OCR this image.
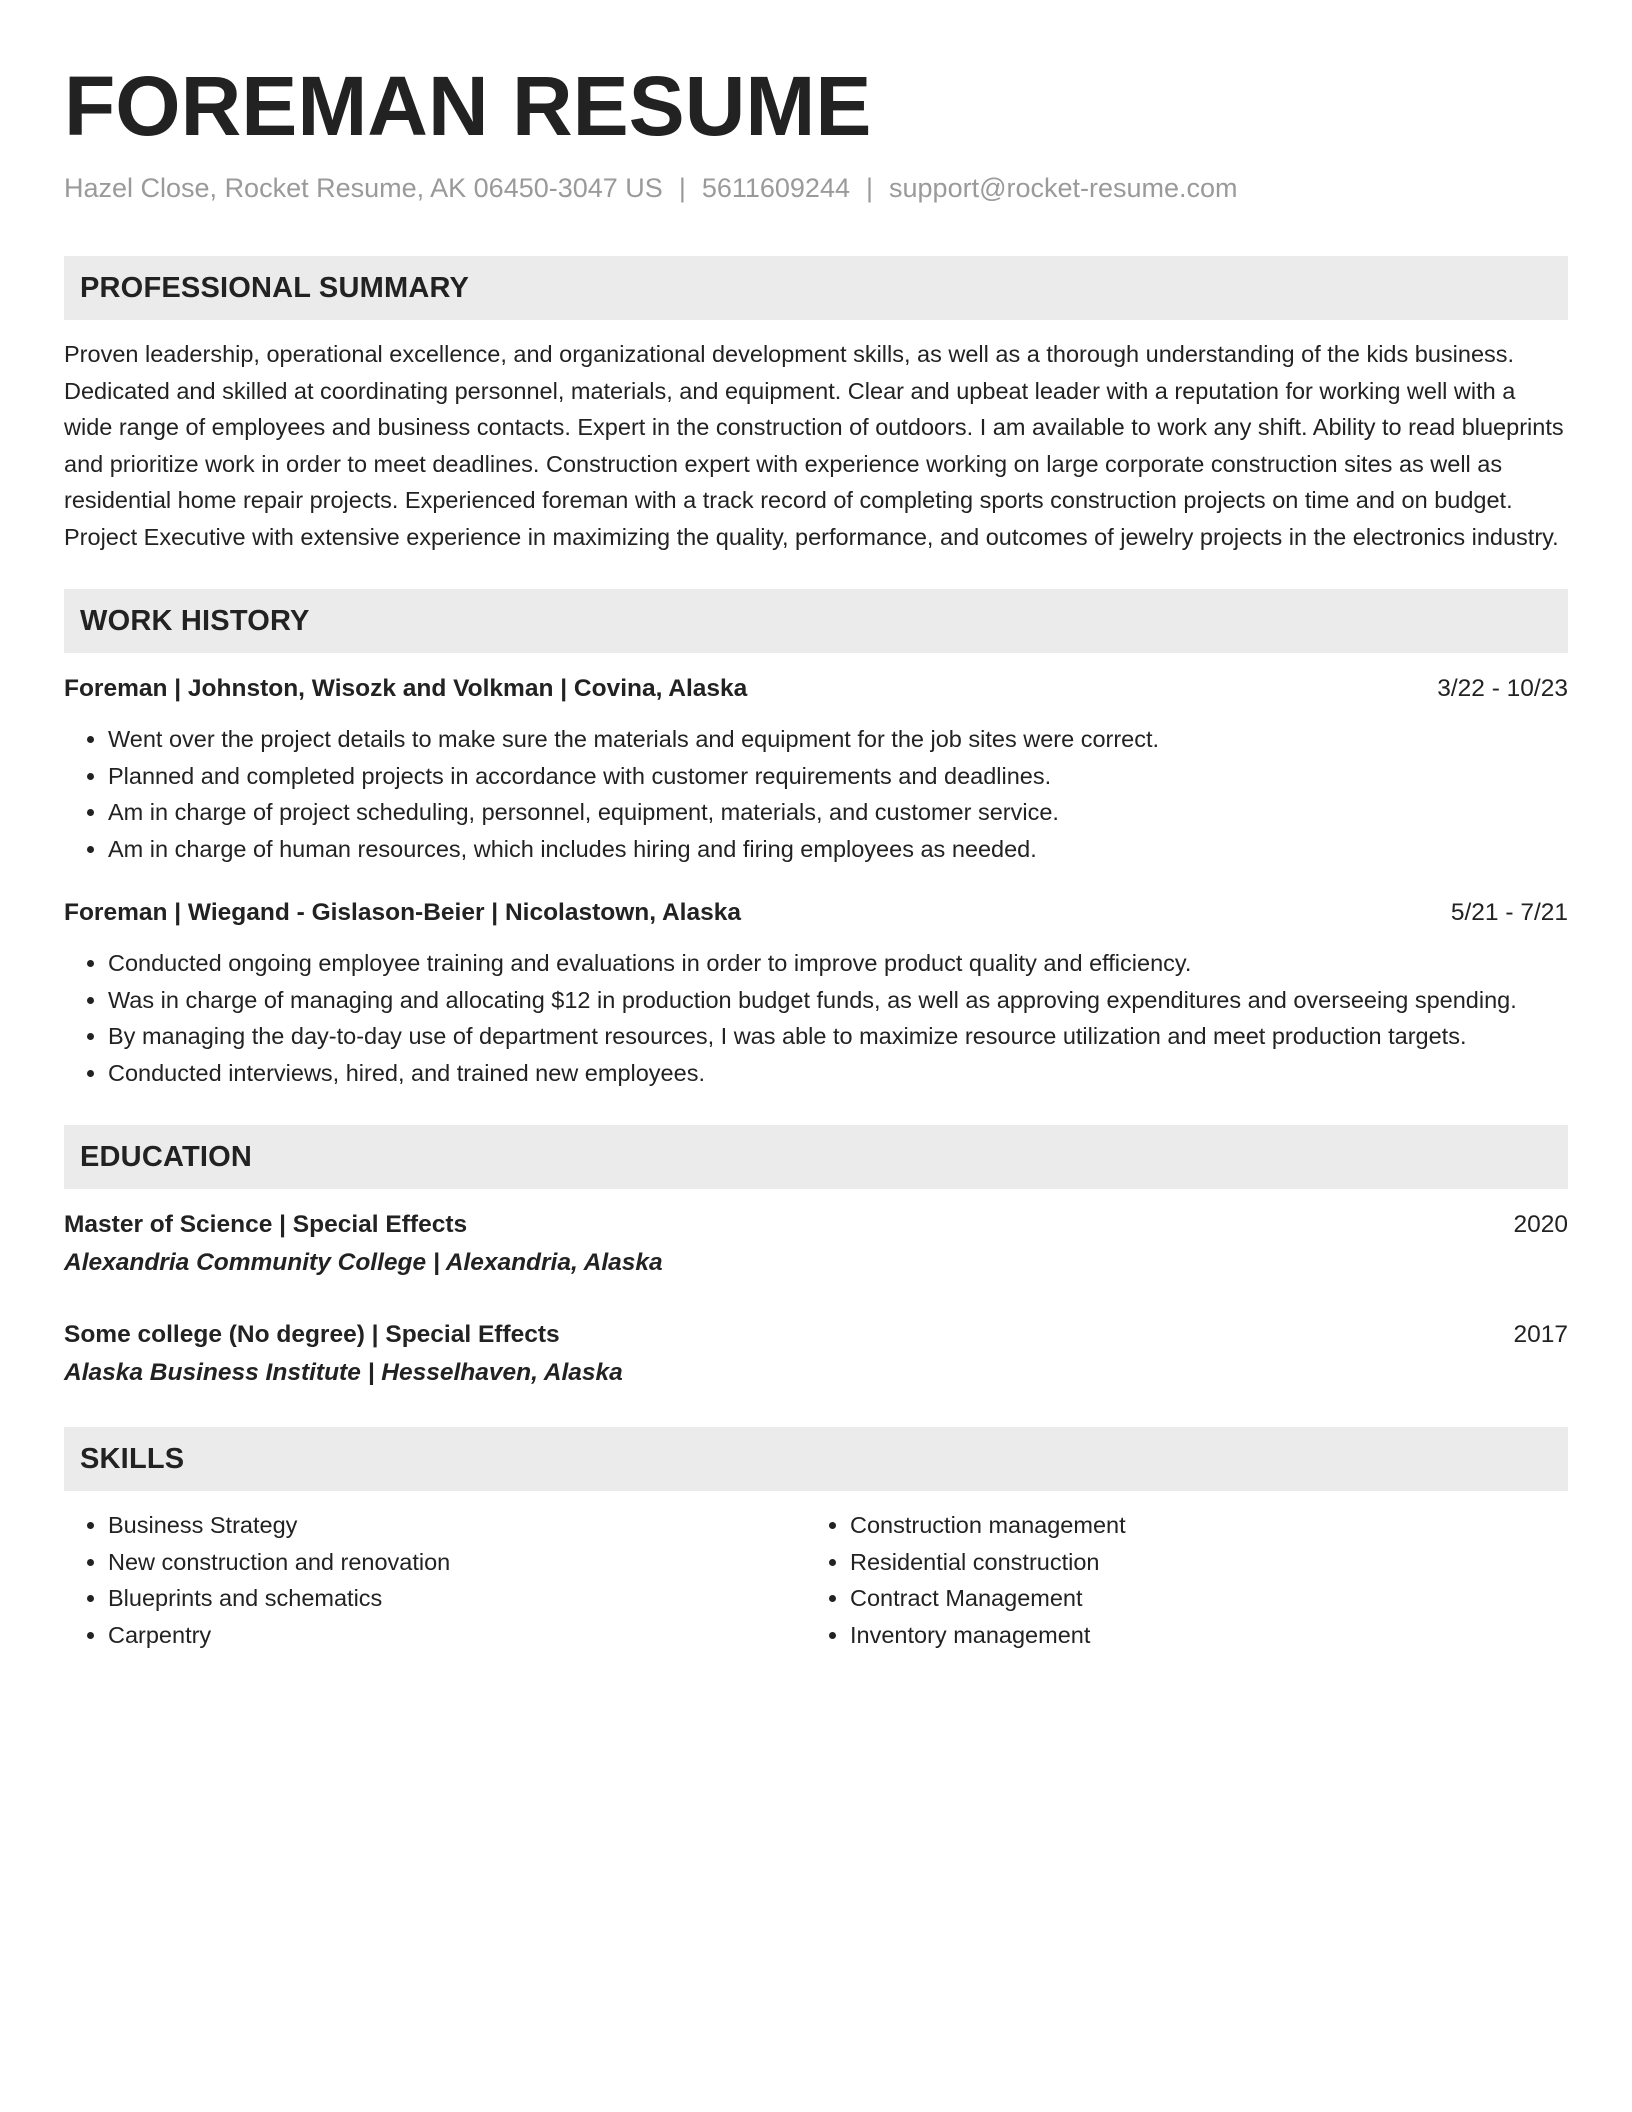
FOREMAN RESUME
Hazel Close, Rocket Resume, AK 06450-3047 US | 5611609244 | support@rocket-resume.com
PROFESSIONAL SUMMARY
Proven leadership, operational excellence, and organizational development skills, as well as a thorough understanding of the kids business. Dedicated and skilled at coordinating personnel, materials, and equipment. Clear and upbeat leader with a reputation for working well with a wide range of employees and business contacts. Expert in the construction of outdoors. I am available to work any shift. Ability to read blueprints and prioritize work in order to meet deadlines. Construction expert with experience working on large corporate construction sites as well as residential home repair projects. Experienced foreman with a track record of completing sports construction projects on time and on budget. Project Executive with extensive experience in maximizing the quality, performance, and outcomes of jewelry projects in the electronics industry.
WORK HISTORY
Foreman | Johnston, Wisozk and Volkman | Covina, Alaska	3/22 - 10/23
• Went over the project details to make sure the materials and equipment for the job sites were correct.
• Planned and completed projects in accordance with customer requirements and deadlines.
• Am in charge of project scheduling, personnel, equipment, materials, and customer service.
• Am in charge of human resources, which includes hiring and firing employees as needed.
Foreman | Wiegand - Gislason-Beier | Nicolastown, Alaska	5/21 - 7/21
• Conducted ongoing employee training and evaluations in order to improve product quality and efficiency.
• Was in charge of managing and allocating $12 in production budget funds, as well as approving expenditures and overseeing spending.
• By managing the day-to-day use of department resources, I was able to maximize resource utilization and meet production targets.
• Conducted interviews, hired, and trained new employees.
EDUCATION
Master of Science | Special Effects	2020
Alexandria Community College | Alexandria, Alaska
Some college (No degree) | Special Effects	2017
Alaska Business Institute | Hesselhaven, Alaska
SKILLS
• Business Strategy
• New construction and renovation
• Blueprints and schematics
• Carpentry
• Construction management
• Residential construction
• Contract Management
• Inventory management
